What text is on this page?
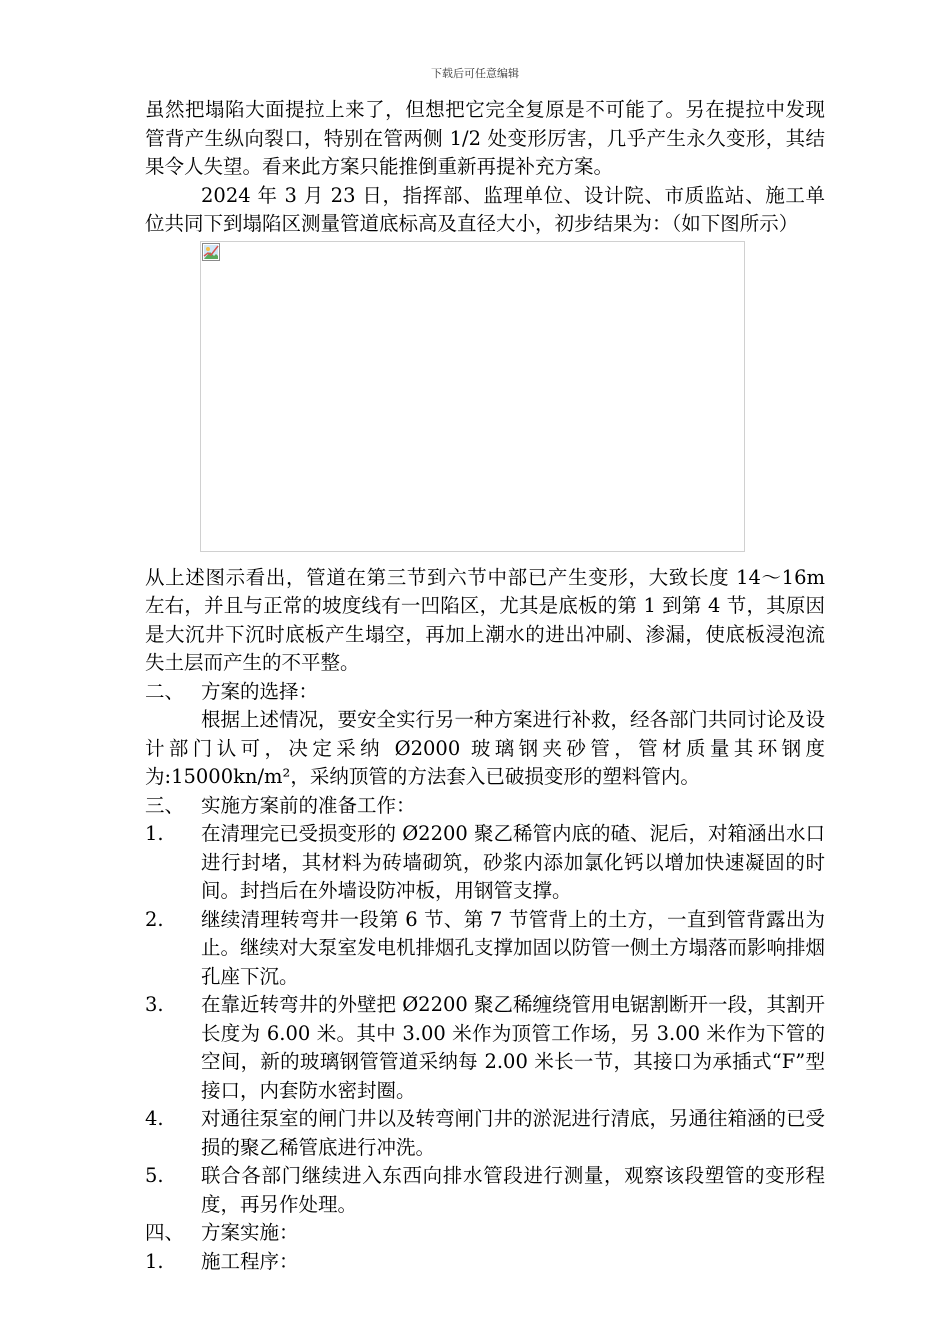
下载后可任意编辑

虽然把塌陷大面提拉上来了，但想把它完全复原是不可能了。另在提拉中发现管背产生纵向裂口，特别在管两侧 1/2 处变形厉害，几乎产生永久变形，其结果令人失望。看来此方案只能推倒重新再提补充方案。

2024 年 3 月 23 日，指挥部、监理单位、设计院、市质监站、施工单位共同下到塌陷区测量管道底标高及直径大小，初步结果为：（如下图所示）

从上述图示看出，管道在第三节到六节中部已产生变形，大致长度 14～16m 左右，并且与正常的坡度线有一凹陷区，尤其是底板的第 1 到第 4 节，其原因是大沉井下沉时底板产生塌空，再加上潮水的进出冲刷、渗漏，使底板浸泡流失土层而产生的不平整。

二、 方案的选择：

根据上述情况，要安全实行另一种方案进行补救，经各部门共同讨论及设计部门认可，决定采纳 Ø2000 玻璃钢夹砂管，管材质量其环钢度为:15000kn/m²，采纳顶管的方法套入已破损变形的塑料管内。

三、 实施方案前的准备工作：
1.	在清理完已受损变形的 Ø2200 聚乙稀管内底的碴、泥后，对箱涵出水口进行封堵，其材料为砖墙砌筑，砂浆内添加氯化钙以增加快速凝固的时间。封挡后在外墙设防冲板，用钢管支撑。
2.	继续清理转弯井一段第 6 节、第 7 节管背上的土方，一直到管背露出为止。继续对大泵室发电机排烟孔支撑加固以防管一侧土方塌落而影响排烟孔座下沉。
3.	在靠近转弯井的外壁把 Ø2200 聚乙稀缠绕管用电锯割断开一段，其割开长度为 6.00 米。其中 3.00 米作为顶管工作场，另 3.00 米作为下管的空间，新的玻璃钢管管道采纳每 2.00 米长一节，其接口为承插式“F”型接口，内套防水密封圈。
4.	对通往泵室的闸门井以及转弯闸门井的淤泥进行清底，另通往箱涵的已受损的聚乙稀管底进行冲洗。
5.	联合各部门继续进入东西向排水管段进行测量，观察该段塑管的变形程度，再另作处理。
四、 方案实施：
1.	施工程序：
